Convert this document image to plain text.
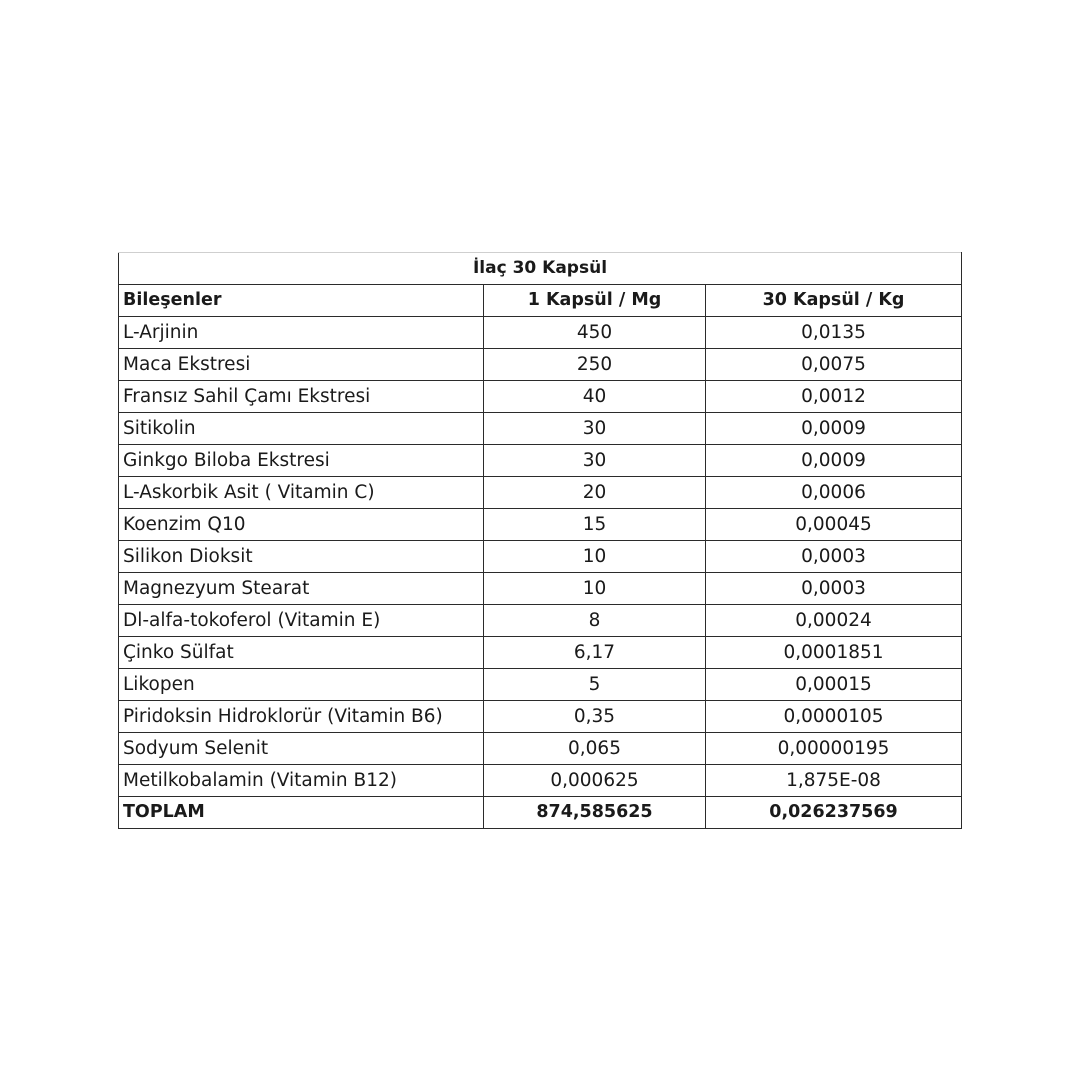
İlaç 30 Kapsül		
Bileşenler	1 Kapsül / Mg	30 Kapsül / Kg
L-Arjinin	450	0,0135
Maca Ekstresi	250	0,0075
Fransız Sahil Çamı Ekstresi	40	0,0012
Sitikolin	30	0,0009
Ginkgo Biloba Ekstresi	30	0,0009
L-Askorbik Asit ( Vitamin C)	20	0,0006
Koenzim Q10	15	0,00045
Silikon Dioksit	10	0,0003
Magnezyum Stearat	10	0,0003
Dl-alfa-tokoferol (Vitamin E)	8	0,00024
Çinko Sülfat	6,17	0,0001851
Likopen	5	0,00015
Piridoksin Hidroklorür (Vitamin B6)	0,35	0,0000105
Sodyum Selenit	0,065	0,00000195
Metilkobalamin (Vitamin B12)	0,000625	1,875E-08
TOPLAM	874,585625	0,026237569
